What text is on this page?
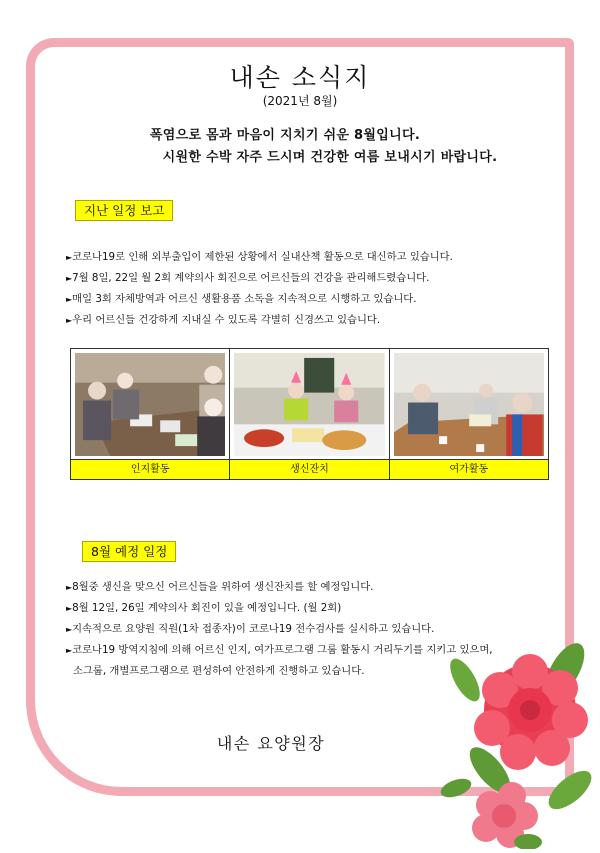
내손 소식지
(2021년 8월)
폭염으로 몸과 마음이 지치기 쉬운 8월입니다.
시원한 수박 자주 드시며 건강한 여름 보내시기 바랍니다.
지난 일정 보고
► 코로나19로 인해 외부출입이 제한된 상황에서 실내산책 활동으로 대신하고 있습니다.
► 7월 8일, 22일 월 2회 계약의사 회진으로 어르신들의 건강을 관리해드렸습니다.
► 매일 3회 자체방역과 어르신 생활용품 소독을 지속적으로 시행하고 있습니다.
► 우리 어르신들 건강하게 지내실 수 있도록 각별히 신경쓰고 있습니다.
인지활동	생신잔치	여가활동
8월 예정 일정
► 8월중 생신을 맞으신 어르신들을 위하여 생신잔치를 할 예정입니다.
► 8월 12일, 26일 계약의사 회진이 있을 예정입니다. (월 2회)
► 지속적으로 요양원 직원(1차 접종자)이 코로나19 전수검사를 실시하고 있습니다.
► 코로나19 방역지침에 의해 어르신 인지, 여가프로그램 그룹 활동시 거리두기를 지키고 있으며,
소그룹, 개별프로그램으로 편성하여 안전하게 진행하고 있습니다.
내손 요양원장
